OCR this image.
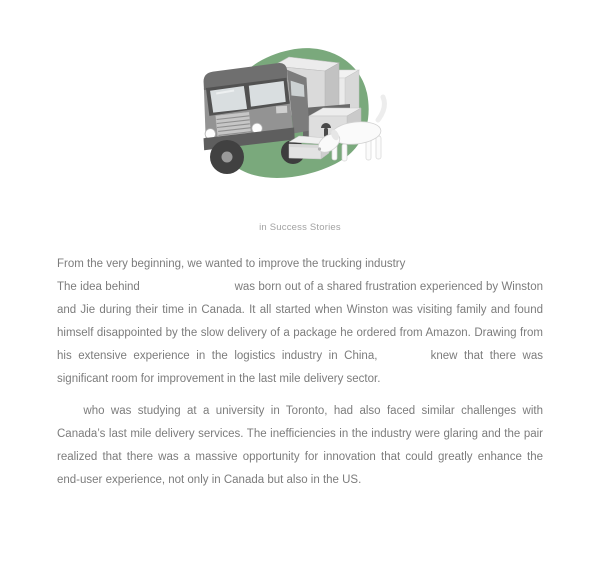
in Success Stories

From the very beginning, we wanted to improve the trucking industry

The idea behind	was born out of a shared frustration experienced by Winston and Jie during their time in Canada. It all started when Winston was visiting family and found himself disappointed by the slow delivery of a package he ordered from Amazon. Drawing from his extensive experience in the logistics industry in China,	knew that there was significant room for improvement in the last mile delivery sector.

who was studying at a university in Toronto, had also faced similar challenges with Canada’s last mile delivery services. The inefficiencies in the industry were glaring and the pair realized that there was a massive opportunity for innovation that could greatly enhance the end-user experience, not only in Canada but also in the US.
